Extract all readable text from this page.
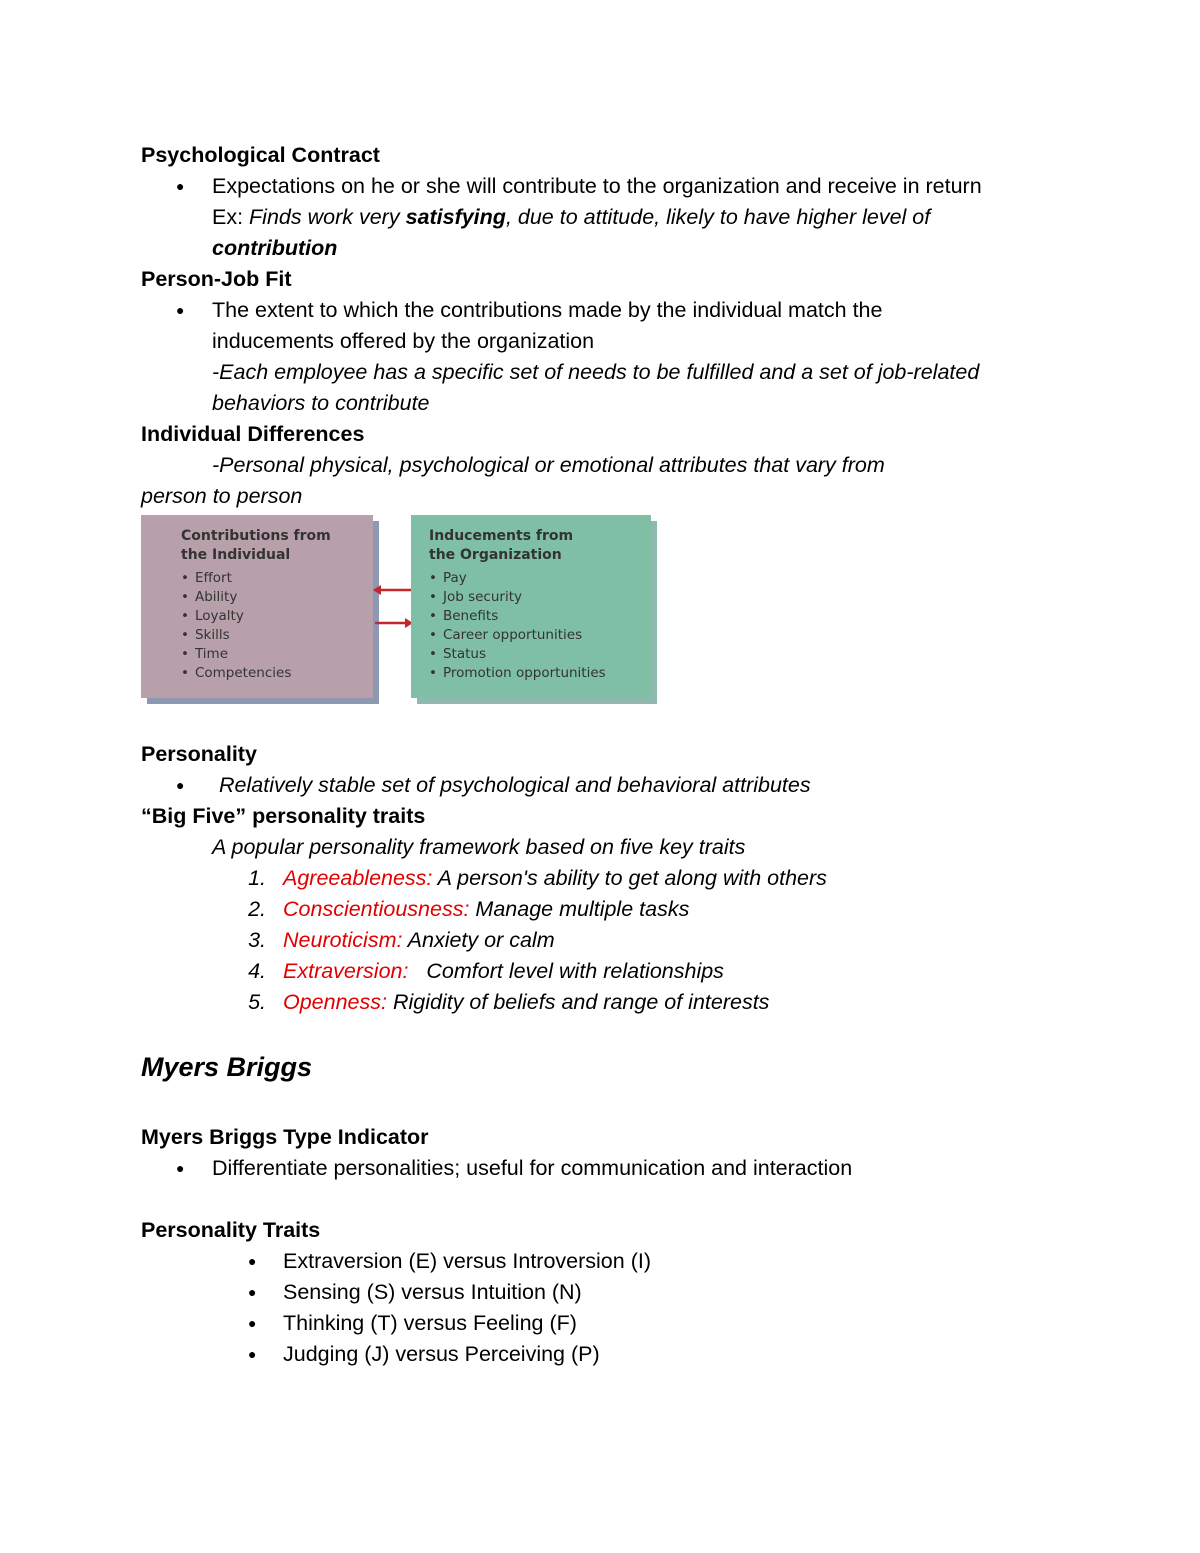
Psychological Contract
● Expectations on he or she will contribute to the organization and receive in return
Ex: Finds work very satisfying, due to attitude, likely to have higher level of
contribution
Person-Job Fit
● The extent to which the contributions made by the individual match the
inducements offered by the organization
-Each employee has a specific set of needs to be fulfilled and a set of job-related
behaviors to contribute
Individual Differences
-Personal physical, psychological or emotional attributes that vary from
person to person
Contributions from
the Individual
• Effort
• Ability
• Loyalty
• Skills
• Time
• Competencies
Inducements from
the Organization
• Pay
• Job security
• Benefits
• Career opportunities
• Status
• Promotion opportunities
Personality
● Relatively stable set of psychological and behavioral attributes
“Big Five” personality traits
A popular personality framework based on five key traits
1. Agreeableness: A person's ability to get along with others
2. Conscientiousness: Manage multiple tasks
3. Neuroticism: Anxiety or calm
4. Extraversion:   Comfort level with relationships
5. Openness: Rigidity of beliefs and range of interests
Myers Briggs
Myers Briggs Type Indicator
● Differentiate personalities; useful for communication and interaction
Personality Traits
● Extraversion (E) versus Introversion (I)
● Sensing (S) versus Intuition (N)
● Thinking (T) versus Feeling (F)
● Judging (J) versus Perceiving (P)
